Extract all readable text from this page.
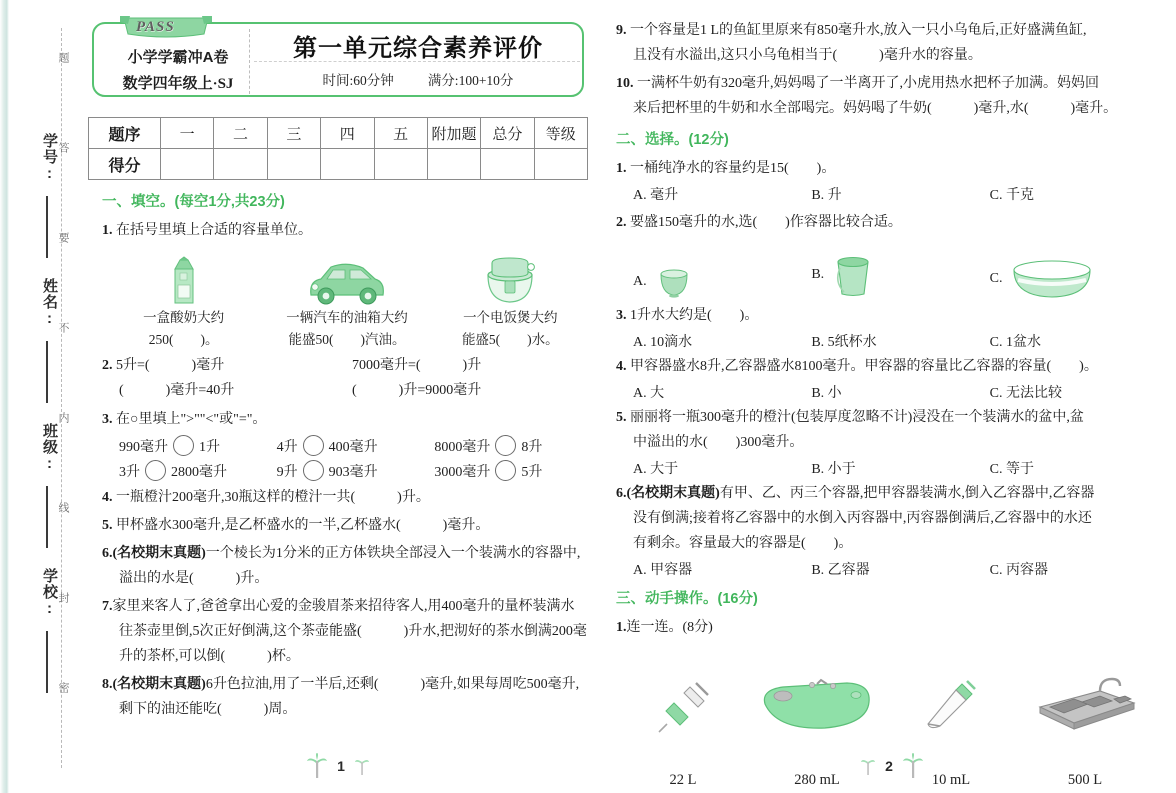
学号:
姓名:
班级:
学校:
题
答
要
不
内
线
封
密
PASS
小学学霸冲A卷
数学四年级上·SJ
第一单元综合素养评价
时间:60分钟	满分:100+10分
题序	一	二	三	四	五	附加题	总分	等级
得分								
一、填空。(每空1分,共23分)
1. 在括号里填上合适的容量单位。
一盒酸奶大约
250(　　)。
一辆汽车的油箱大约
能盛50(　　)汽油。
一个电饭煲大约
能盛5(　　)水。
2. 5升=(　　　)毫升
(　　　)毫升=40升
7000毫升=(　　　)升
(　　　)升=9000毫升
3. 在○里填上">""<"或"="。
990毫升 1升	4升 400毫升	8000毫升 8升
3升 2800毫升	9升 903毫升	3000毫升 5升
4. 一瓶橙汁200毫升,30瓶这样的橙汁一共(　　　)升。
5. 甲杯盛水300毫升,是乙杯盛水的一半,乙杯盛水(　　　)毫升。
6.(名校期末真题)一个棱长为1分米的正方体铁块全部浸入一个装满水的容器中,
溢出的水是(　　　)升。
7.家里来客人了,爸爸拿出心爱的金骏眉茶来招待客人,用400毫升的量杯装满水
往茶壶里倒,5次正好倒满,这个茶壶能盛(　　　)升水,把沏好的茶水倒满200毫
升的茶杯,可以倒(　　　)杯。
8.(名校期末真题)6升色拉油,用了一半后,还剩(　　　)毫升,如果每周吃500毫升,
剩下的油还能吃(　　　)周。
1
9. 一个容量是1 L的鱼缸里原来有850毫升水,放入一只小乌龟后,正好盛满鱼缸,
且没有水溢出,这只小乌龟相当于(　　　)毫升水的容量。
10. 一满杯牛奶有320毫升,妈妈喝了一半离开了,小虎用热水把杯子加满。妈妈回
来后把杯里的牛奶和水全部喝完。妈妈喝了牛奶(　　　)毫升,水(　　　)毫升。
二、选择。(12分)
1. 一桶纯净水的容量约是15(　　)。
A. 毫升	B. 升	C. 千克
2. 要盛150毫升的水,选(　　)作容器比较合适。
A.	B.	C.
3. 1升水大约是(　　)。
A. 10滴水	B. 5纸杯水	C. 1盆水
4. 甲容器盛水8升,乙容器盛水8100毫升。甲容器的容量比乙容器的容量(　　)。
A. 大	B. 小	C. 无法比较
5. 丽丽将一瓶300毫升的橙汁(包装厚度忽略不计)浸没在一个装满水的盆中,盆
中溢出的水(　　)300毫升。
A. 大于	B. 小于	C. 等于
6.(名校期末真题)有甲、乙、丙三个容器,把甲容器装满水,倒入乙容器中,乙容器
没有倒满;接着将乙容器中的水倒入丙容器中,丙容器倒满后,乙容器中的水还
有剩余。容量最大的容器是(　　)。
A. 甲容器	B. 乙容器	C. 丙容器
三、动手操作。(16分)
1.连一连。(8分)
22 L	280 mL	10 mL	500 L
2
